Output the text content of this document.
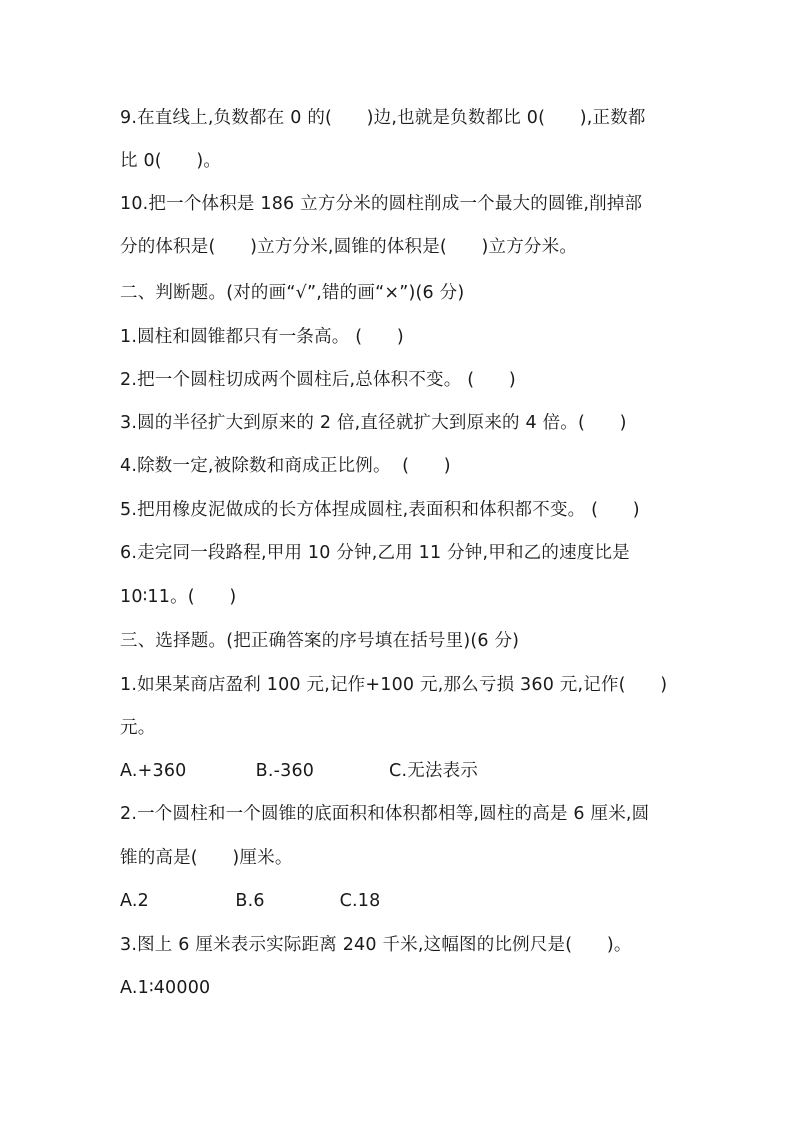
9.在直线上,负数都在 0 的(      )边,也就是负数都比 0(      ),正数都
比 0(      )。
10.把一个体积是 186 立方分米的圆柱削成一个最大的圆锥,削掉部
分的体积是(      )立方分米,圆锥的体积是(      )立方分米。
二、判断题。(对的画“√”,错的画“×”)(6 分)
1.圆柱和圆锥都只有一条高。 (      )
2.把一个圆柱切成两个圆柱后,总体积不变。 (      )
3.圆的半径扩大到原来的 2 倍,直径就扩大到原来的 4 倍。(      )
4.除数一定,被除数和商成正比例。  (      )
5.把用橡皮泥做成的长方体捏成圆柱,表面积和体积都不变。 (      )
6.走完同一段路程,甲用 10 分钟,乙用 11 分钟,甲和乙的速度比是
10∶11。(      )
三、选择题。(把正确答案的序号填在括号里)(6 分)
1.如果某商店盈利 100 元,记作+100 元,那么亏损 360 元,记作(      )
元。
A.+360            B.-360             C.无法表示
2.一个圆柱和一个圆锥的底面积和体积都相等,圆柱的高是 6 厘米,圆
锥的高是(      )厘米。
A.2               B.6             C.18
3.图上 6 厘米表示实际距离 240 千米,这幅图的比例尺是(      )。
A.1∶40000
